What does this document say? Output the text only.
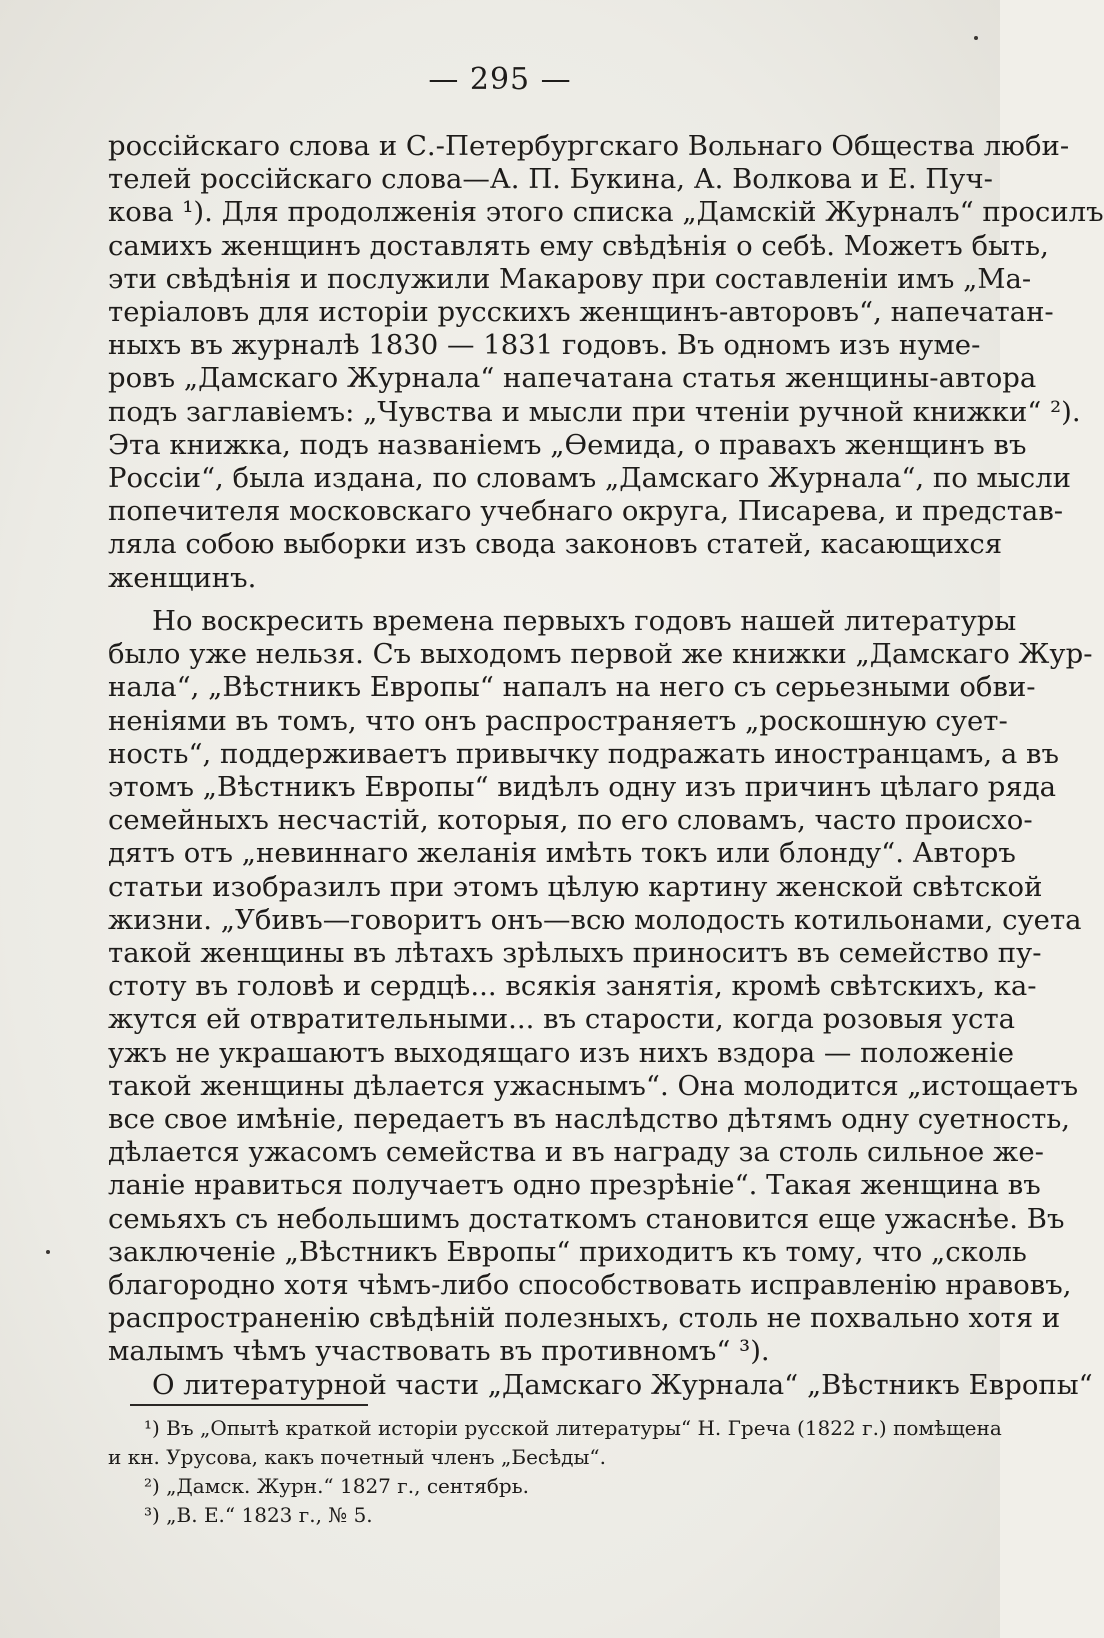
— 295 —
россійскаго слова и С.-Петербургскаго Вольнаго Общества люби-
телей россійскаго слова—А. П. Букина, А. Волкова и Е. Пуч-
кова ¹). Для продолженія этого списка „Дамскій Журналъ“ просилъ
самихъ женщинъ доставлять ему свѣдѣнія о себѣ. Можетъ быть,
эти свѣдѣнія и послужили Макарову при составленіи имъ „Ма-
теріаловъ для исторіи русскихъ женщинъ-авторовъ“, напечатан-
ныхъ въ журналѣ 1830 — 1831 годовъ. Въ одномъ изъ нуме-
ровъ „Дамскаго Журнала“ напечатана статья женщины-автора
подъ заглавіемъ: „Чувства и мысли при чтеніи ручной книжки“ ²).
Эта книжка, подъ названіемъ „Ѳемида, о правахъ женщинъ въ
Россіи“, была издана, по словамъ „Дамскаго Журнала“, по мысли
попечителя московскаго учебнаго округа, Писарева, и представ-
ляла собою выборки изъ свода законовъ статей, касающихся
женщинъ.
Но воскресить времена первыхъ годовъ нашей литературы
было уже нельзя. Съ выходомъ первой же книжки „Дамскаго Жур-
нала“, „Вѣстникъ Европы“ напалъ на него съ серьезными обви-
неніями въ томъ, что онъ распространяетъ „роскошную сует-
ность“, поддерживаетъ привычку подражать иностранцамъ, а въ
этомъ „Вѣстникъ Европы“ видѣлъ одну изъ причинъ цѣлаго ряда
семейныхъ несчастій, которыя, по его словамъ, часто происхо-
дятъ отъ „невиннаго желанія имѣть токъ или блонду“. Авторъ
статьи изобразилъ при этомъ цѣлую картину женской свѣтской
жизни. „Убивъ—говоритъ онъ—всю молодость котильонами, суета
такой женщины въ лѣтахъ зрѣлыхъ приноситъ въ семейство пу-
стоту въ головѣ и сердцѣ... всякія занятія, кромѣ свѣтскихъ, ка-
жутся ей отвратительными... въ старости, когда розовыя уста
ужъ не украшаютъ выходящаго изъ нихъ вздора — положеніе
такой женщины дѣлается ужаснымъ“. Она молодится „истощаетъ
все свое имѣніе, передаетъ въ наслѣдство дѣтямъ одну суетность,
дѣлается ужасомъ семейства и въ награду за столь сильное же-
ланіе нравиться получаетъ одно презрѣніе“. Такая женщина въ
семьяхъ съ небольшимъ достаткомъ становится еще ужаснѣе. Въ
заключеніе „Вѣстникъ Европы“ приходитъ къ тому, что „сколь
благородно хотя чѣмъ-либо способствовать исправленію нравовъ,
распространенію свѣдѣній полезныхъ, столь не похвально хотя и
малымъ чѣмъ участвовать въ противномъ“ ³).
О литературной части „Дамскаго Журнала“ „Вѣстникъ Европы“
¹) Въ „Опытѣ краткой исторіи русской литературы“ Н. Греча (1822 г.) помѣщена
и кн. Урусова, какъ почетный членъ „Бесѣды“.
²) „Дамск. Журн.“ 1827 г., сентябрь.
³) „В. Е.“ 1823 г., № 5.
